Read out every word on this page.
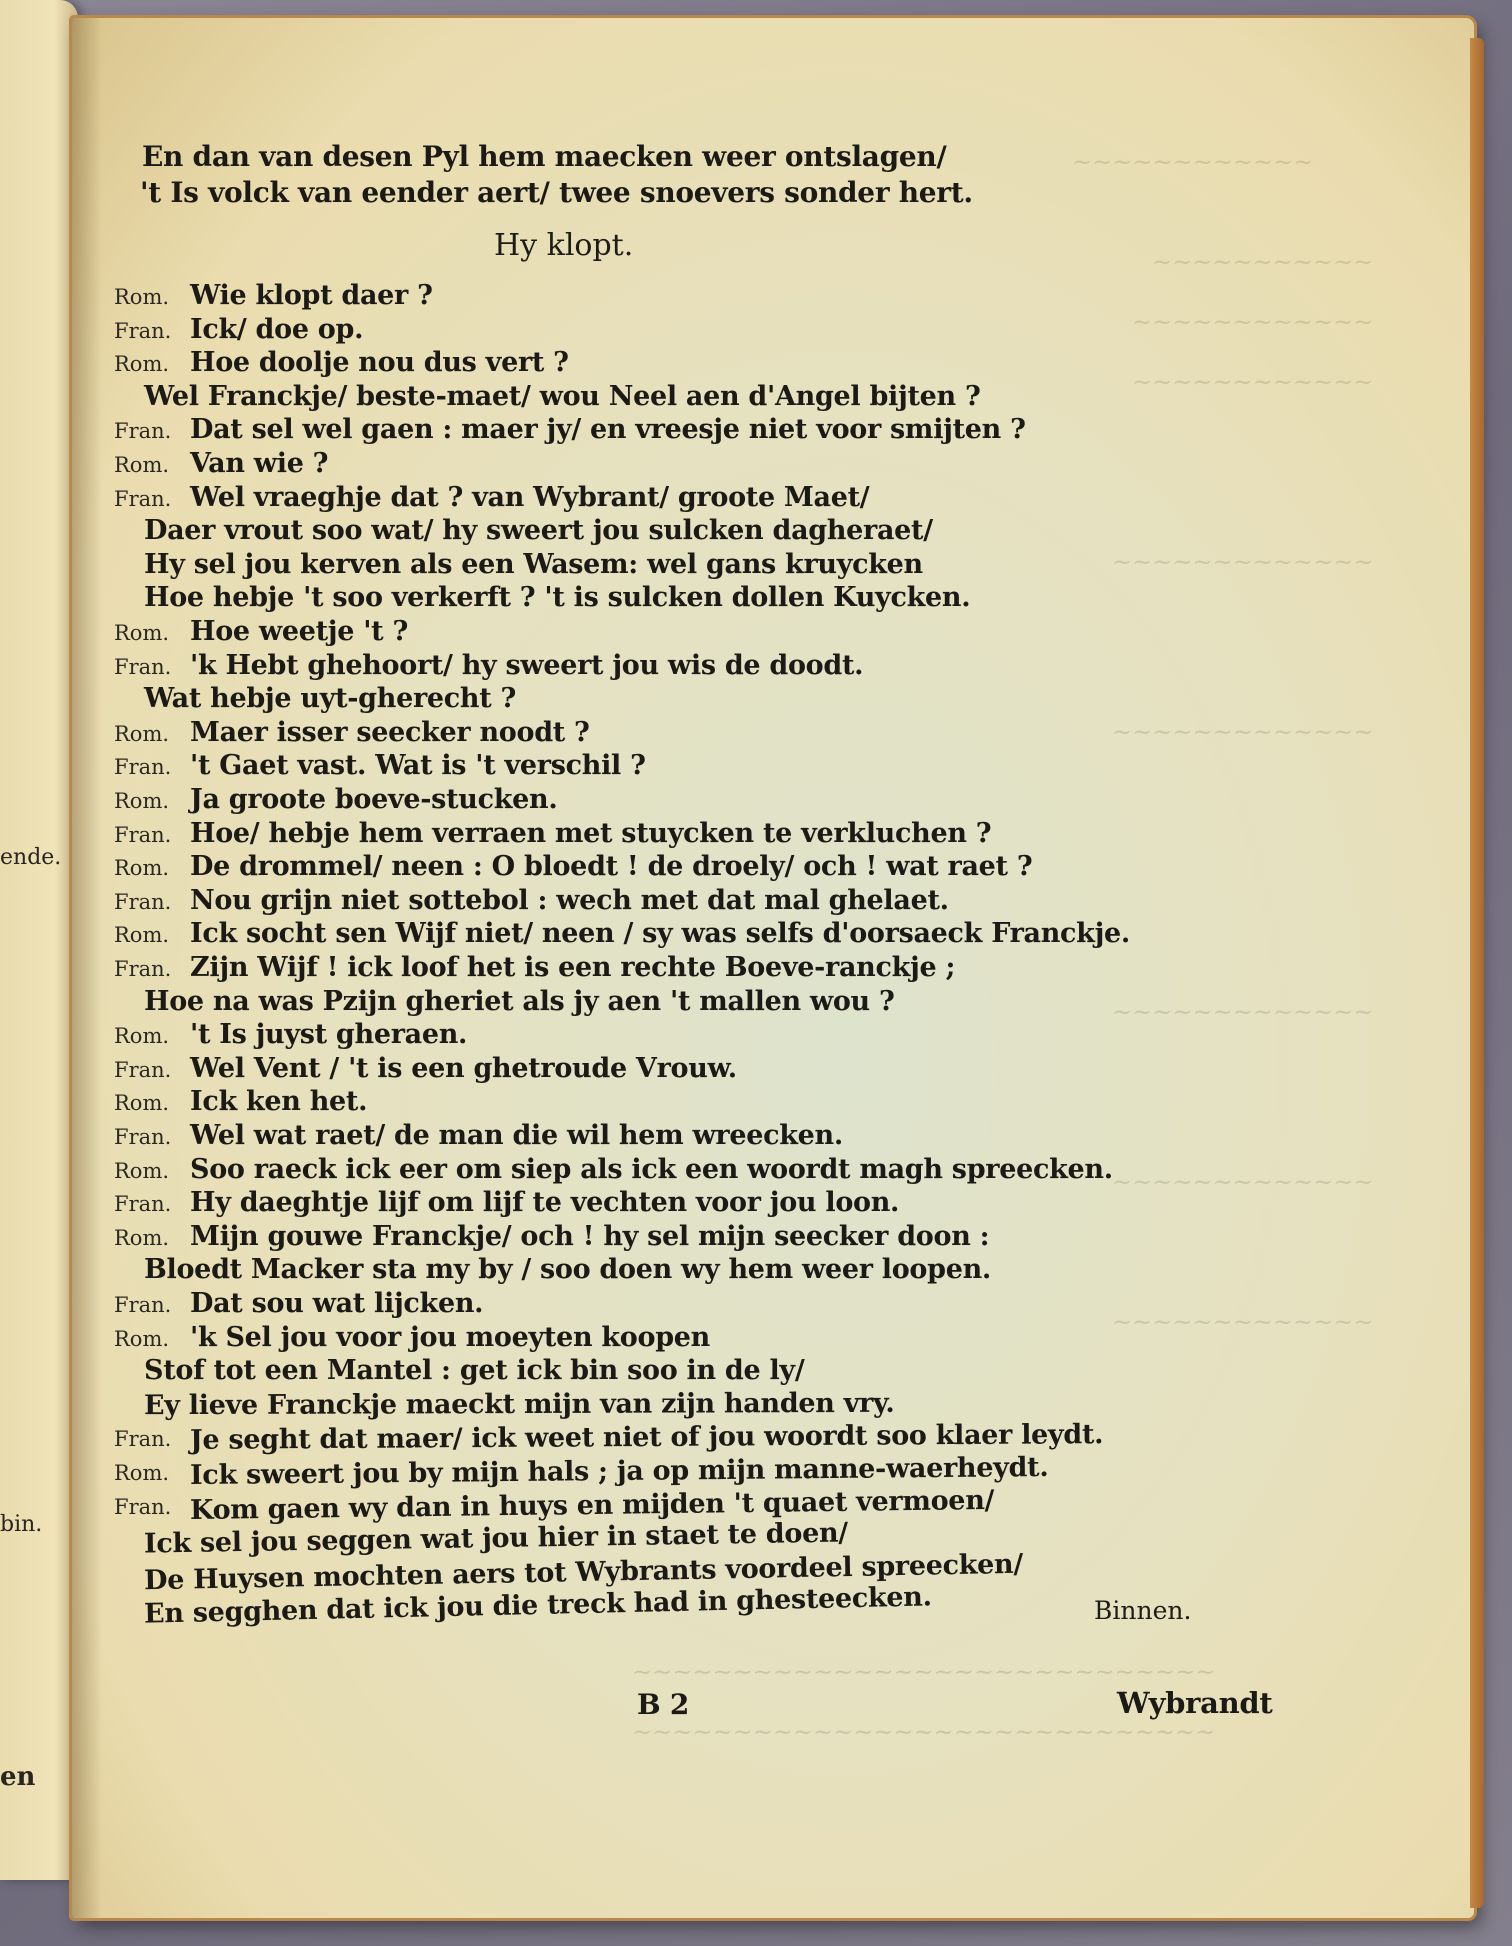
ende.
bin.
en
~~~~~~~~~~~~
~~~~~~~~~~~
~~~~~~~~~~~~
~~~~~~~~~~~~
~~~~~~~~~~~~~
~~~~~~~~~~~~~
~~~~~~~~~~~~~
~~~~~~~~~~~~~
~~~~~~~~~~~~~
~~~~~~~~~~~~~~~~~~~~~~~~~~~~~
~~~~~~~~~~~~~~~~~~~~~~~~~~~~~
En dan van desen Pyl hem maecken weer ontslagen/
't Is volck van eender aert/ twee snoevers sonder hert.
Hy klopt.
Rom. Wie klopt daer ?
Fran. Ick/ doe op.
Rom. Hoe doolje nou dus vert ?
Wel Franckje/ beste-maet/ wou Neel aen d'Angel bijten ?
Fran. Dat sel wel gaen : maer jy/ en vreesje niet voor smijten ?
Rom. Van wie ?
Fran. Wel vraeghje dat ? van Wybrant/ groote Maet/
Daer vrout soo wat/ hy sweert jou sulcken dagheraet/
Hy sel jou kerven als een Wasem: wel gans kruycken
Hoe hebje 't soo verkerft ? 't is sulcken dollen Kuycken.
Rom. Hoe weetje 't ?
Fran. 'k Hebt ghehoort/ hy sweert jou wis de doodt.
Wat hebje uyt-gherecht ?
Rom. Maer isser seecker noodt ?
Fran. 't Gaet vast. Wat is 't verschil ?
Rom. Ja groote boeve-stucken.
Fran. Hoe/ hebje hem verraen met stuycken te verkluchen ?
Rom. De drommel/ neen : O bloedt ! de droely/ och ! wat raet ?
Fran. Nou grijn niet sottebol : wech met dat mal ghelaet.
Rom. Ick socht sen Wijf niet/ neen / sy was selfs d'oorsaeck Franckje.
Fran. Zijn Wijf ! ick loof het is een rechte Boeve-ranckje ;
Hoe na was Pzijn gheriet als jy aen 't mallen wou ?
Rom. 't Is juyst gheraen.
Fran. Wel Vent / 't is een ghetroude Vrouw.
Rom. Ick ken het.
Fran. Wel wat raet/ de man die wil hem wreecken.
Rom. Soo raeck ick eer om siep als ick een woordt magh spreecken.
Fran. Hy daeghtje lijf om lijf te vechten voor jou loon.
Rom. Mijn gouwe Franckje/ och ! hy sel mijn seecker doon :
Bloedt Macker sta my by / soo doen wy hem weer loopen.
Fran. Dat sou wat lijcken.
Rom. 'k Sel jou voor jou moeyten koopen
Stof tot een Mantel : get ick bin soo in de ly/
Ey lieve Franckje maeckt mijn van zijn handen vry.
Fran. Je seght dat maer/ ick weet niet of jou woordt soo klaer leydt.
Rom. Ick sweert jou by mijn hals ; ja op mijn manne-waerheydt.
Fran. Kom gaen wy dan in huys en mijden 't quaet vermoen/
Ick sel jou seggen wat jou hier in staet te doen/
De Huysen mochten aers tot Wybrants voordeel spreecken/
En segghen dat ick jou die treck had in ghesteecken.	Binnen.
B 2	Wybrandt
